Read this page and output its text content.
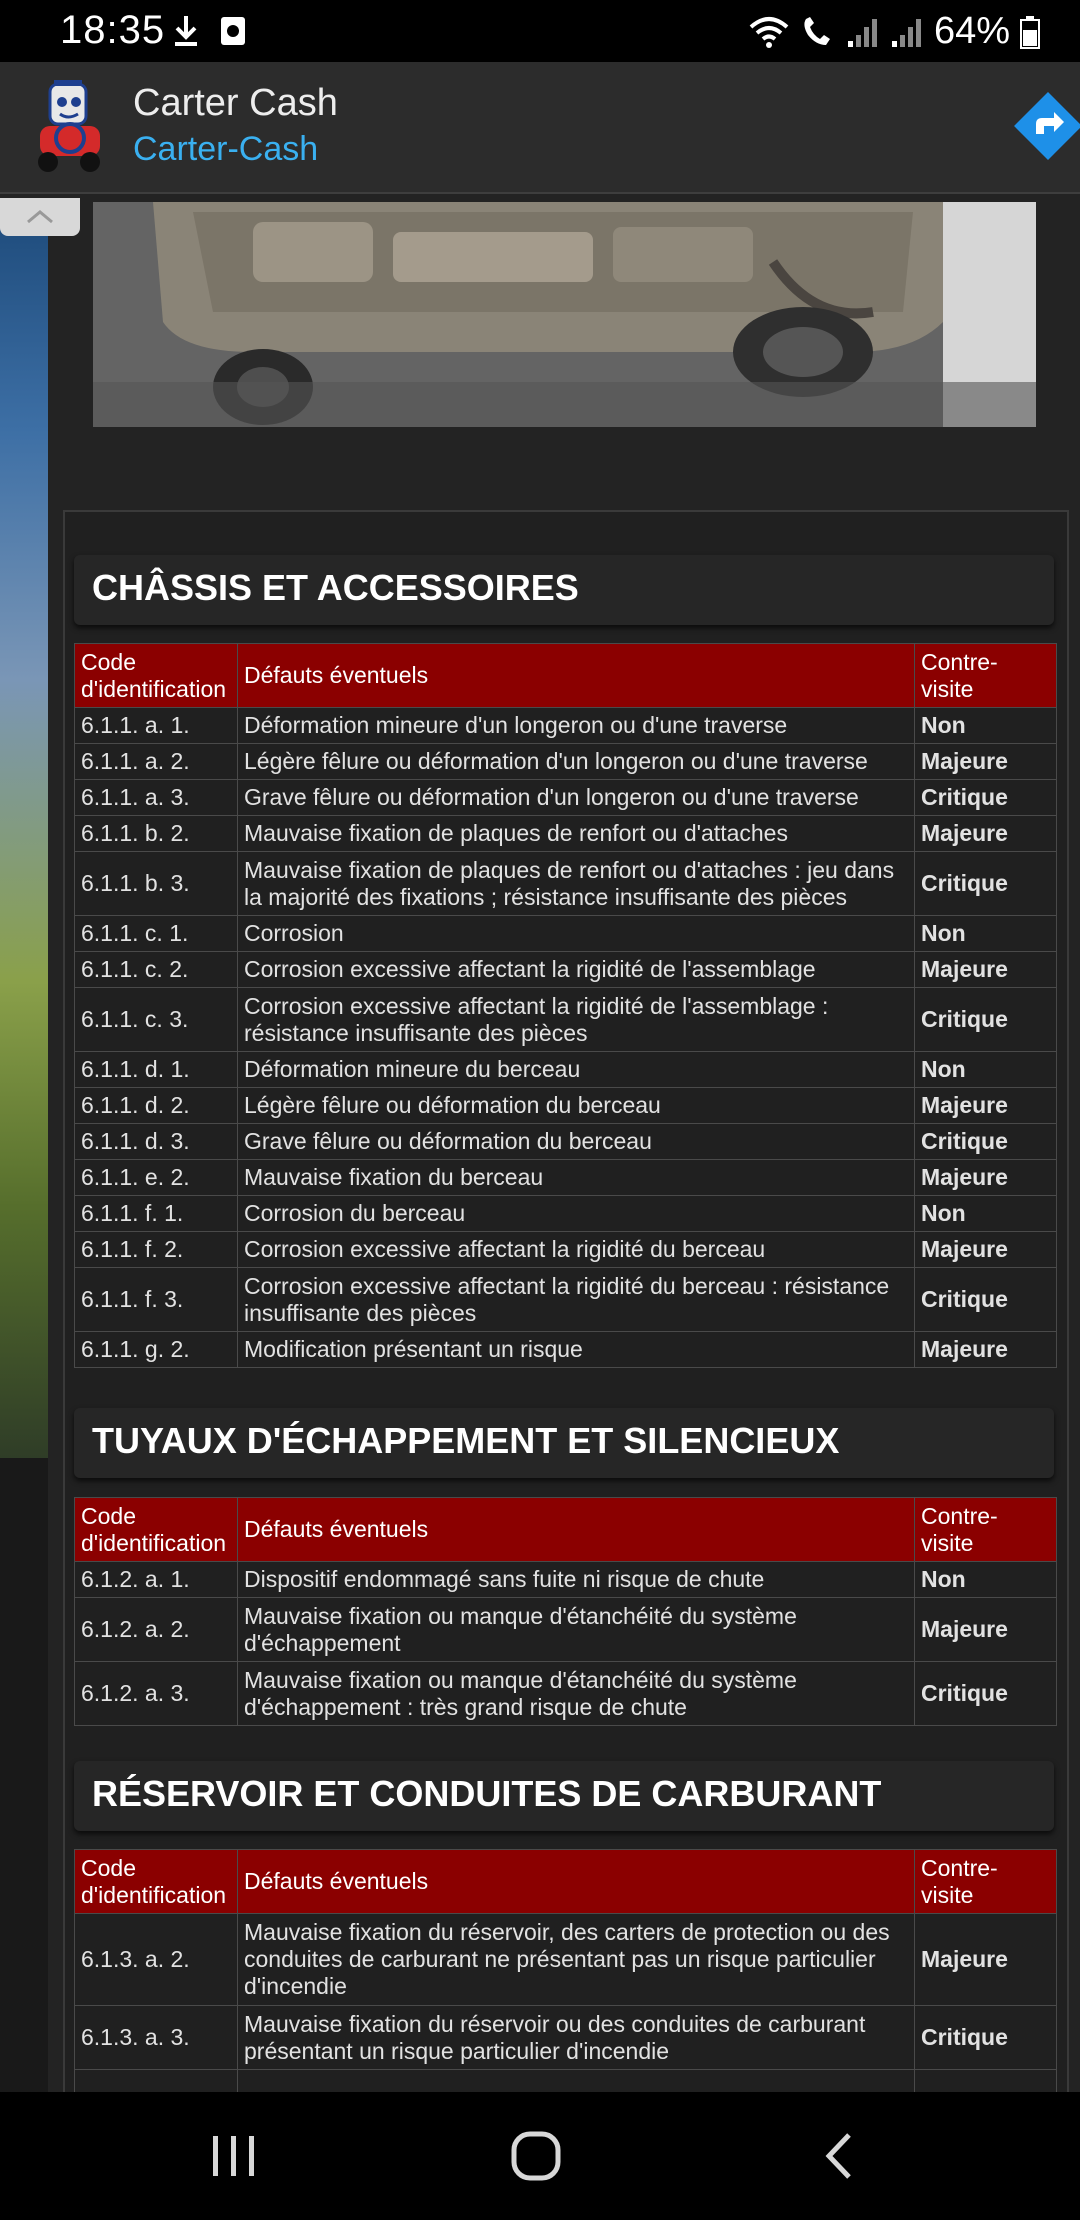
18:35	64%
Carter Cash
Carter-Cash
CHÂSSIS ET ACCESSOIRES
Code d'identification	Défauts éventuels	Contre-visite
6.1.1. a. 1.	Déformation mineure d'un longeron ou d'une traverse	Non
6.1.1. a. 2.	Légère fêlure ou déformation d'un longeron ou d'une traverse	Majeure
6.1.1. a. 3.	Grave fêlure ou déformation d'un longeron ou d'une traverse	Critique
6.1.1. b. 2.	Mauvaise fixation de plaques de renfort ou d'attaches	Majeure
6.1.1. b. 3.	Mauvaise fixation de plaques de renfort ou d'attaches : jeu dans la majorité des fixations ; résistance insuffisante des pièces	Critique
6.1.1. c. 1.	Corrosion	Non
6.1.1. c. 2.	Corrosion excessive affectant la rigidité de l'assemblage	Majeure
6.1.1. c. 3.	Corrosion excessive affectant la rigidité de l'assemblage : résistance insuffisante des pièces	Critique
6.1.1. d. 1.	Déformation mineure du berceau	Non
6.1.1. d. 2.	Légère fêlure ou déformation du berceau	Majeure
6.1.1. d. 3.	Grave fêlure ou déformation du berceau	Critique
6.1.1. e. 2.	Mauvaise fixation du berceau	Majeure
6.1.1. f. 1.	Corrosion du berceau	Non
6.1.1. f. 2.	Corrosion excessive affectant la rigidité du berceau	Majeure
6.1.1. f. 3.	Corrosion excessive affectant la rigidité du berceau : résistance insuffisante des pièces	Critique
6.1.1. g. 2.	Modification présentant un risque	Majeure
TUYAUX D'ÉCHAPPEMENT ET SILENCIEUX
Code d'identification	Défauts éventuels	Contre-visite
6.1.2. a. 1.	Dispositif endommagé sans fuite ni risque de chute	Non
6.1.2. a. 2.	Mauvaise fixation ou manque d'étanchéité du système d'échappement	Majeure
6.1.2. a. 3.	Mauvaise fixation ou manque d'étanchéité du système d'échappement : très grand risque de chute	Critique
RÉSERVOIR ET CONDUITES DE CARBURANT
Code d'identification	Défauts éventuels	Contre-visite
6.1.3. a. 2.	Mauvaise fixation du réservoir, des carters de protection ou des conduites de carburant ne présentant pas un risque particulier d'incendie	Majeure
6.1.3. a. 3.	Mauvaise fixation du réservoir ou des conduites de carburant présentant un risque particulier d'incendie	Critique
